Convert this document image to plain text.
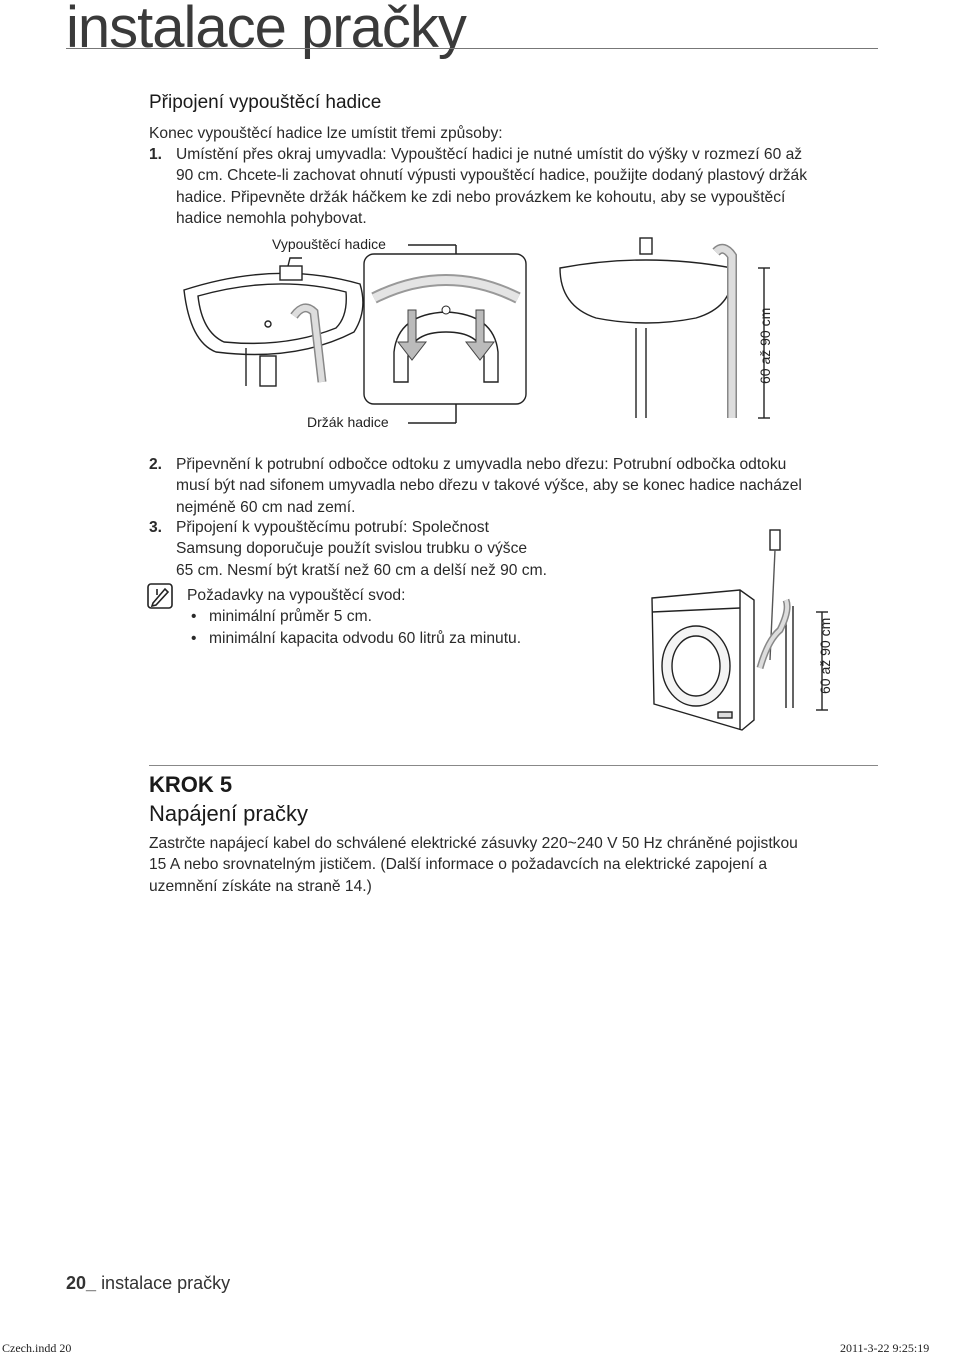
instalace pračky
Připojení vypouštěcí hadice
Konec vypouštěcí hadice lze umístit třemi způsoby:
1. Umístění přes okraj umyvadla: Vypouštěcí hadici je nutné umístit do výšky v rozmezí 60 až
90 cm. Chcete-li zachovat ohnutí výpusti vypouštěcí hadice, použijte dodaný plastový držák
hadice. Připevněte držák háčkem ke zdi nebo provázkem ke kohoutu, aby se vypouštěcí
hadice nemohla pohybovat.
Vypouštěcí hadice
Držák hadice
60 až 90 cm
2. Připevnění k potrubní odbočce odtoku z umyvadla nebo dřezu: Potrubní odbočka odtoku
musí být nad sifonem umyvadla nebo dřezu v takové výšce, aby se konec hadice nacházel
nejméně 60 cm nad zemí.
3. Připojení k vypouštěcímu potrubí: Společnost
Samsung doporučuje použít svislou trubku o výšce
65 cm. Nesmí být kratší než 60 cm a delší než 90 cm.
Požadavky na vypouštěcí svod:
• minimální průměr 5 cm.
• minimální kapacita odvodu 60 litrů za minutu.	60 až 90 cm
KROK 5
Napájení pračky
Zastrčte napájecí kabel do schválené elektrické zásuvky 220~240 V 50 Hz chráněné pojistkou
15 A nebo srovnatelným jističem. (Další informace o požadavcích na elektrické zapojení a
uzemnění získáte na straně 14.)
20_ instalace pračky
Czech.indd 20	2011-3-22 9:25:19
